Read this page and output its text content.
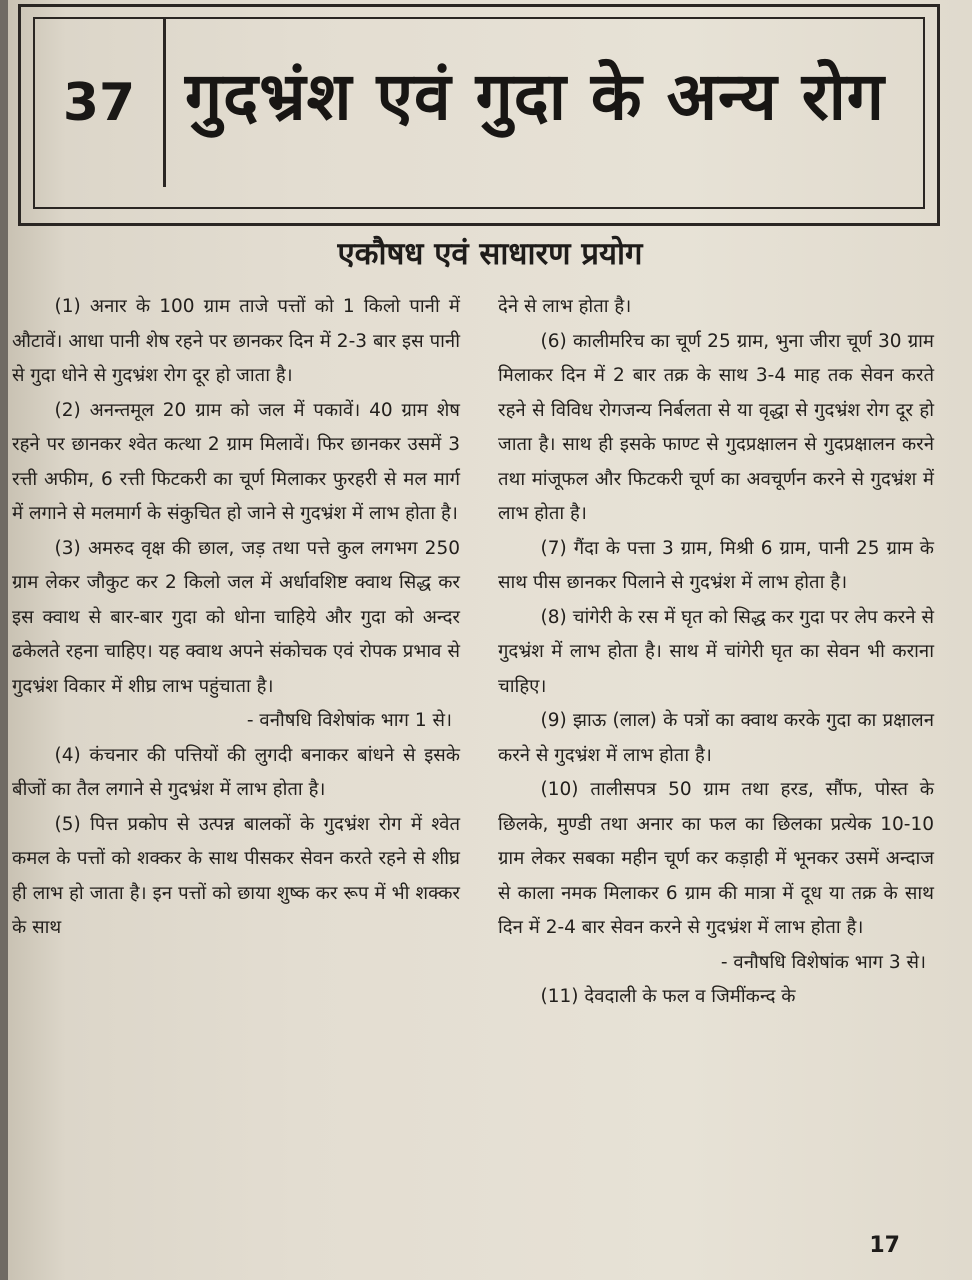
37 गुदभ्रंश एवं गुदा के अन्य रोग
एकौषध एवं साधारण प्रयोग

(1) अनार के 100 ग्राम ताजे पत्तों को 1 किलो पानी में औटावें। आधा पानी शेष रहने पर छानकर दिन में 2-3 बार इस पानी से गुदा धोने से गुदभ्रंश रोग दूर हो जाता है।

(2) अनन्तमूल 20 ग्राम को जल में पकावें। 40 ग्राम शेष रहने पर छानकर श्वेत कत्था 2 ग्राम मिलावें। फिर छानकर उसमें 3 रत्ती अफीम, 6 रत्ती फिटकरी का चूर्ण मिलाकर फुरहरी से मल मार्ग में लगाने से मलमार्ग के संकुचित हो जाने से गुदभ्रंश में लाभ होता है।

(3) अमरुद वृक्ष की छाल, जड़ तथा पत्ते कुल लगभग 250 ग्राम लेकर जौकुट कर 2 किलो जल में अर्धावशिष्ट क्वाथ सिद्ध कर इस क्वाथ से बार-बार गुदा को धोना चाहिये और गुदा को अन्दर ढकेलते रहना चाहिए। यह क्वाथ अपने संकोचक एवं रोपक प्रभाव से गुदभ्रंश विकार में शीघ्र लाभ पहुंचाता है।

- वनौषधि विशेषांक भाग 1 से।

(4) कंचनार की पत्तियों की लुगदी बनाकर बांधने से इसके बीजों का तैल लगाने से गुदभ्रंश में लाभ होता है।

(5) पित्त प्रकोप से उत्पन्न बालकों के गुदभ्रंश रोग में श्वेत कमल के पत्तों को शक्कर के साथ पीसकर सेवन करते रहने से शीघ्र ही लाभ हो जाता है। इन पत्तों को छाया शुष्क कर रूप में भी शक्कर के साथ

देने से लाभ होता है।

(6) कालीमरिच का चूर्ण 25 ग्राम, भुना जीरा चूर्ण 30 ग्राम मिलाकर दिन में 2 बार तक्र के साथ 3-4 माह तक सेवन करते रहने से विविध रोगजन्य निर्बलता से या वृद्धा से गुदभ्रंश रोग दूर हो जाता है। साथ ही इसके फाण्ट से गुदप्रक्षालन से गुदप्रक्षालन करने तथा मांजूफल और फिटकरी चूर्ण का अवचूर्णन करने से गुदभ्रंश में लाभ होता है।

(7) गैंदा के पत्ता 3 ग्राम, मिश्री 6 ग्राम, पानी 25 ग्राम के साथ पीस छानकर पिलाने से गुदभ्रंश में लाभ होता है।

(8) चांगेरी के रस में घृत को सिद्ध कर गुदा पर लेप करने से गुदभ्रंश में लाभ होता है। साथ में चांगेरी घृत का सेवन भी कराना चाहिए।

(9) झाऊ (लाल) के पत्रों का क्वाथ करके गुदा का प्रक्षालन करने से गुदभ्रंश में लाभ होता है।

(10) तालीसपत्र 50 ग्राम तथा हरड, सौंफ, पोस्त के छिलके, मुण्डी तथा अनार का फल का छिलका प्रत्येक 10-10 ग्राम लेकर सबका महीन चूर्ण कर कड़ाही में भूनकर उसमें अन्दाज से काला नमक मिलाकर 6 ग्राम की मात्रा में दूध या तक्र के साथ दिन में 2-4 बार सेवन करने से गुदभ्रंश में लाभ होता है।

- वनौषधि विशेषांक भाग 3 से।

(11) देवदाली के फल व जिमींकन्द के

17
